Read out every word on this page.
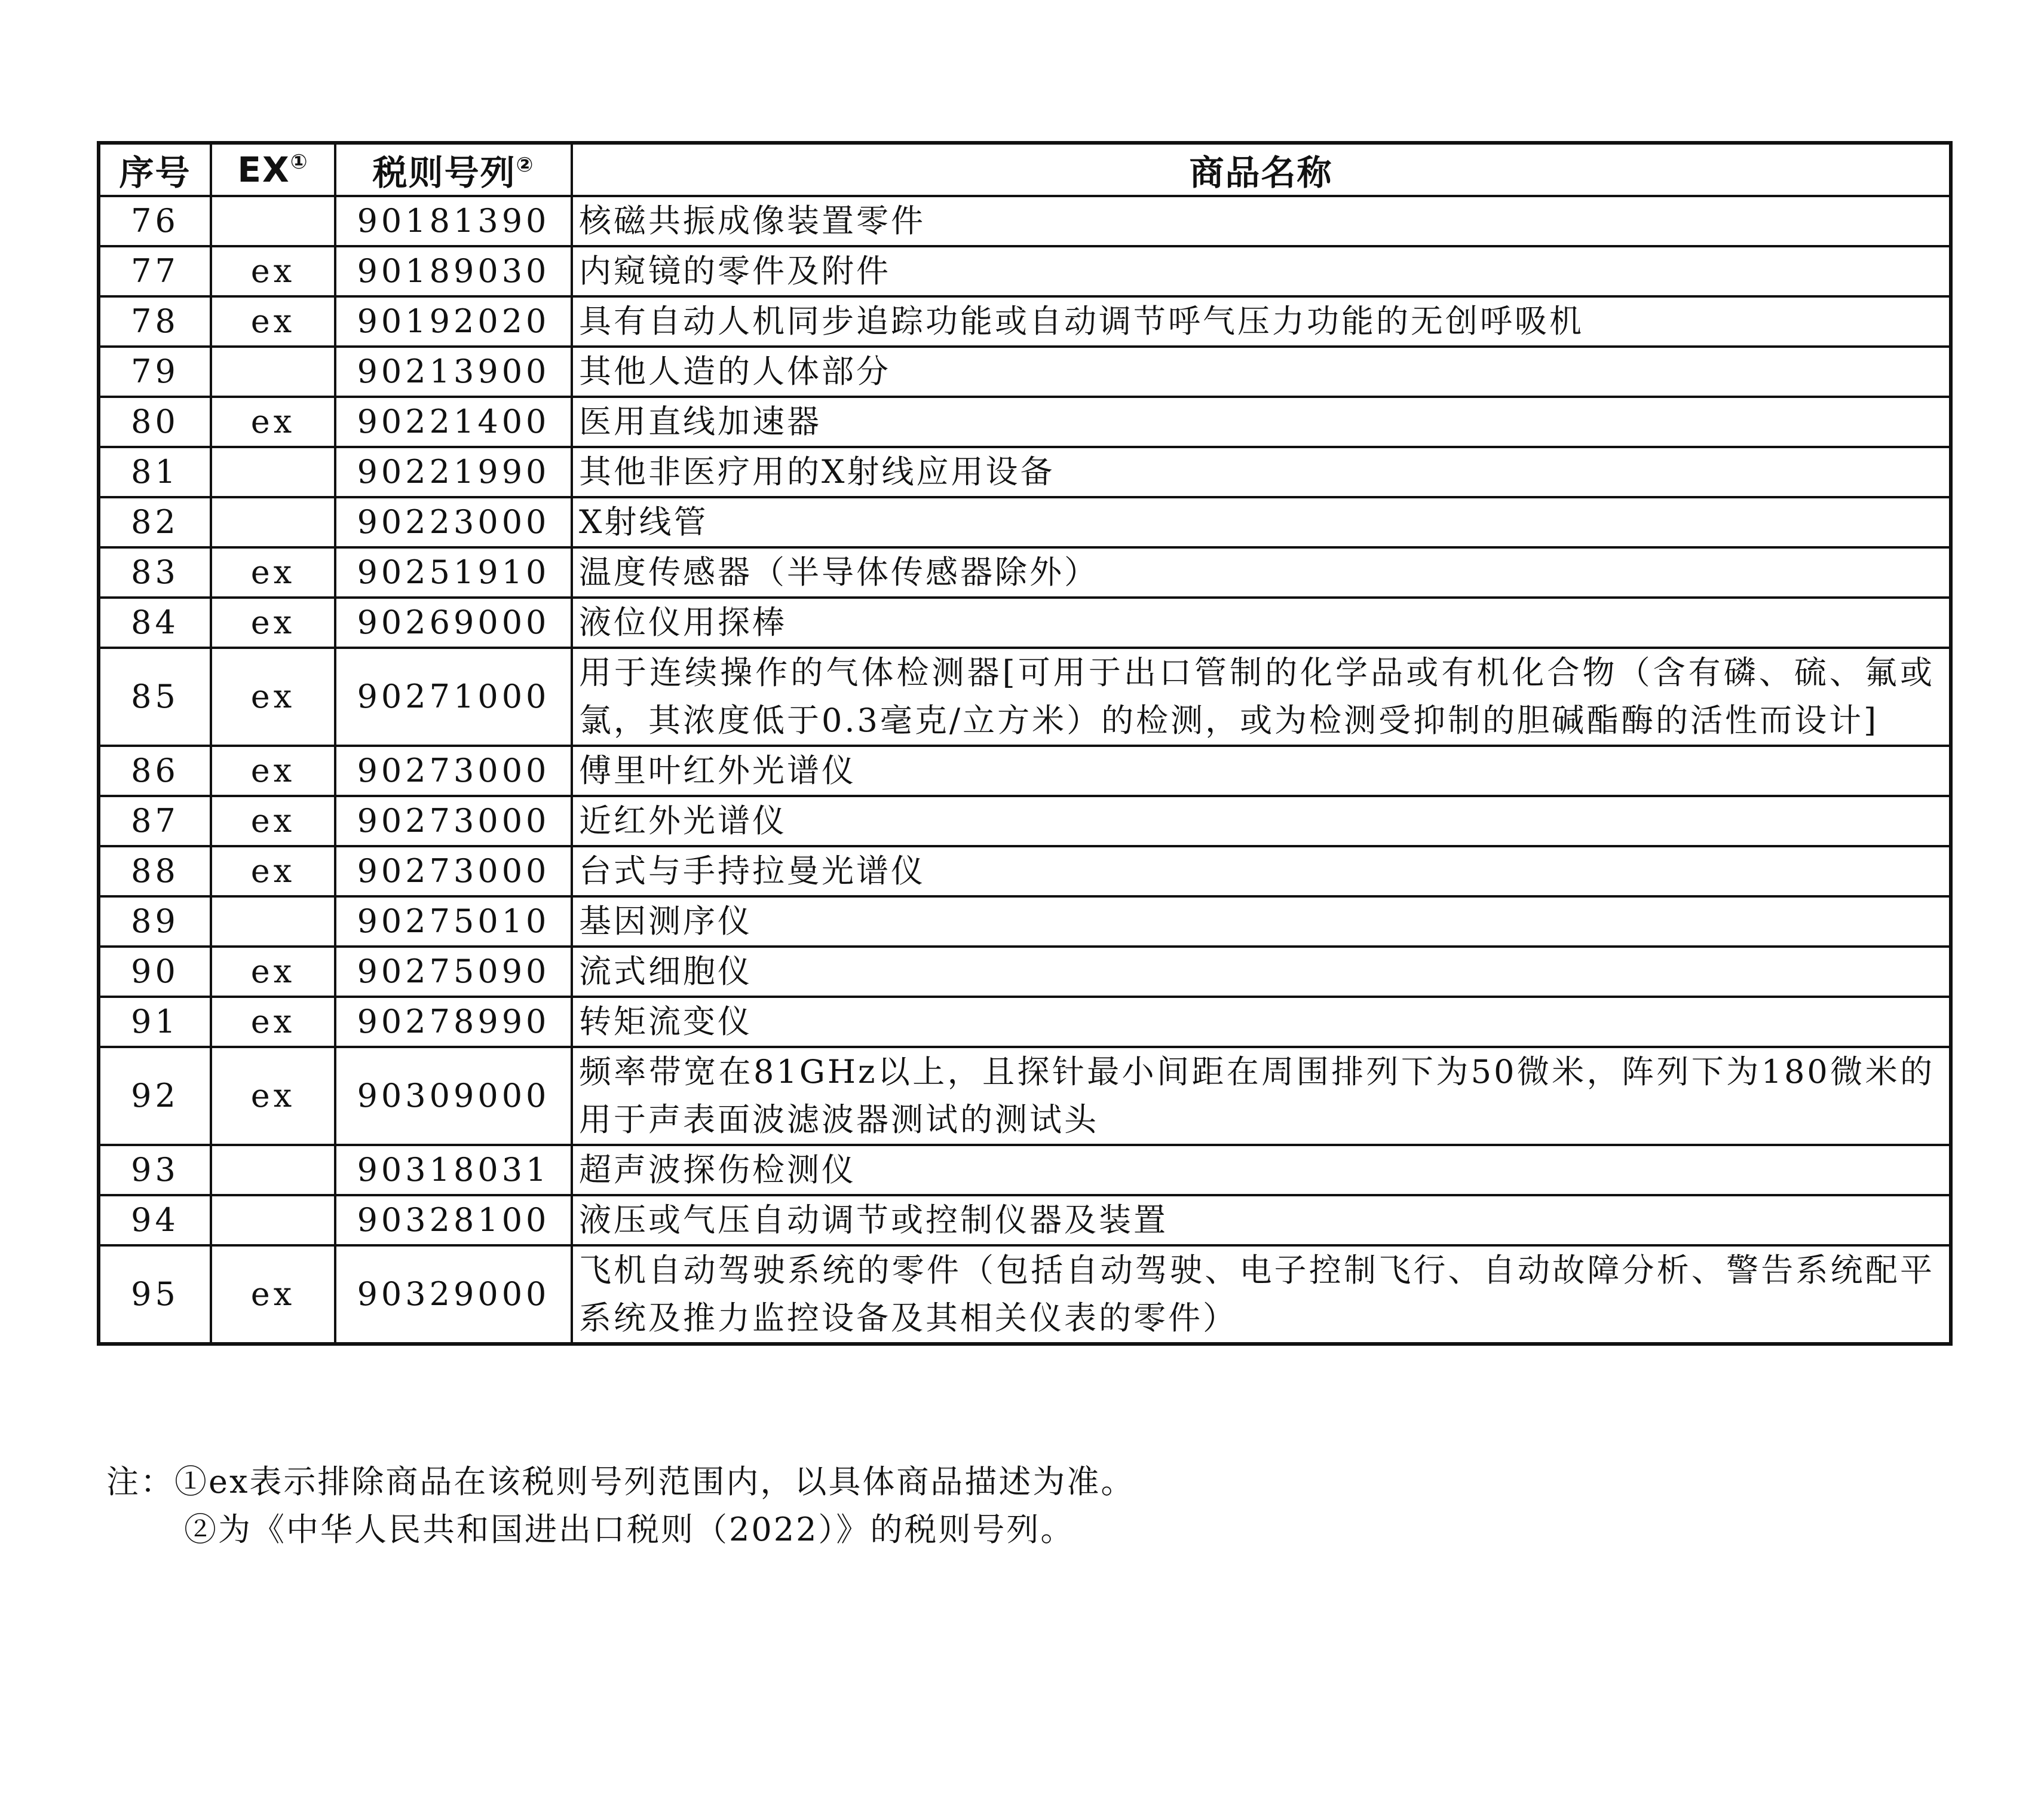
序号	EX①	税则号列②	商品名称
76		90181390	核磁共振成像装置零件
77	ex	90189030	内窥镜的零件及附件
78	ex	90192020	具有自动人机同步追踪功能或自动调节呼气压力功能的无创呼吸机
79		90213900	其他人造的人体部分
80	ex	90221400	医用直线加速器
81		90221990	其他非医疗用的X射线应用设备
82		90223000	X射线管
83	ex	90251910	温度传感器（半导体传感器除外）
84	ex	90269000	液位仪用探棒
85	ex	90271000	用于连续操作的气体检测器[可用于出口管制的化学品或有机化合物（含有磷、硫、氟或氯，其浓度低于0.3毫克/立方米）的检测，或为检测受抑制的胆碱酯酶的活性而设计]
86	ex	90273000	傅里叶红外光谱仪
87	ex	90273000	近红外光谱仪
88	ex	90273000	台式与手持拉曼光谱仪
89		90275010	基因测序仪
90	ex	90275090	流式细胞仪
91	ex	90278990	转矩流变仪
92	ex	90309000	频率带宽在81GHz以上，且探针最小间距在周围排列下为50微米，阵列下为180微米的用于声表面波滤波器测试的测试头
93		90318031	超声波探伤检测仪
94		90328100	液压或气压自动调节或控制仪器及装置
95	ex	90329000	飞机自动驾驶系统的零件（包括自动驾驶、电子控制飞行、自动故障分析、警告系统配平系统及推力监控设备及其相关仪表的零件）
注：①ex表示排除商品在该税则号列范围内，以具体商品描述为准。
②为《中华人民共和国进出口税则（2022）》的税则号列。
